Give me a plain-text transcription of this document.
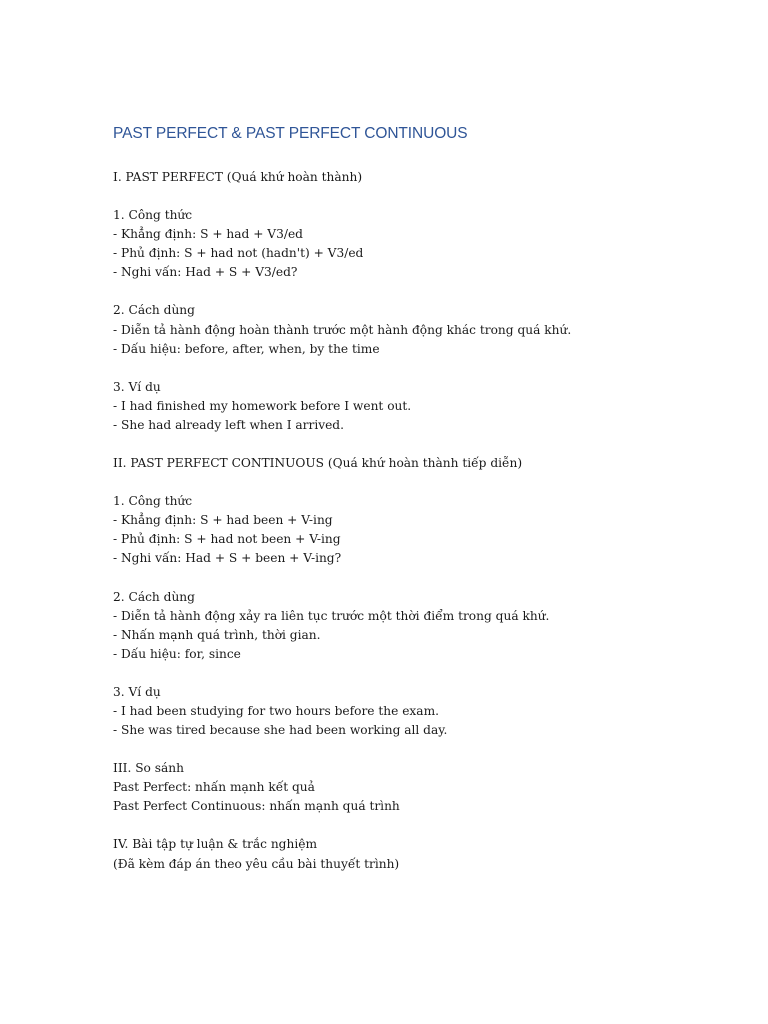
PAST PERFECT & PAST PERFECT CONTINUOUS
I. PAST PERFECT (Quá khứ hoàn thành)
1. Công thức
- Khẳng định: S + had + V3/ed
- Phủ định: S + had not (hadn't) + V3/ed
- Nghi vấn: Had + S + V3/ed?
2. Cách dùng
- Diễn tả hành động hoàn thành trước một hành động khác trong quá khứ.
- Dấu hiệu: before, after, when, by the time
3. Ví dụ
- I had finished my homework before I went out.
- She had already left when I arrived.
II. PAST PERFECT CONTINUOUS (Quá khứ hoàn thành tiếp diễn)
1. Công thức
- Khẳng định: S + had been + V-ing
- Phủ định: S + had not been + V-ing
- Nghi vấn: Had + S + been + V-ing?
2. Cách dùng
- Diễn tả hành động xảy ra liên tục trước một thời điểm trong quá khứ.
- Nhấn mạnh quá trình, thời gian.
- Dấu hiệu: for, since
3. Ví dụ
- I had been studying for two hours before the exam.
- She was tired because she had been working all day.
III. So sánh
Past Perfect: nhấn mạnh kết quả
Past Perfect Continuous: nhấn mạnh quá trình
IV. Bài tập tự luận & trắc nghiệm
(Đã kèm đáp án theo yêu cầu bài thuyết trình)
